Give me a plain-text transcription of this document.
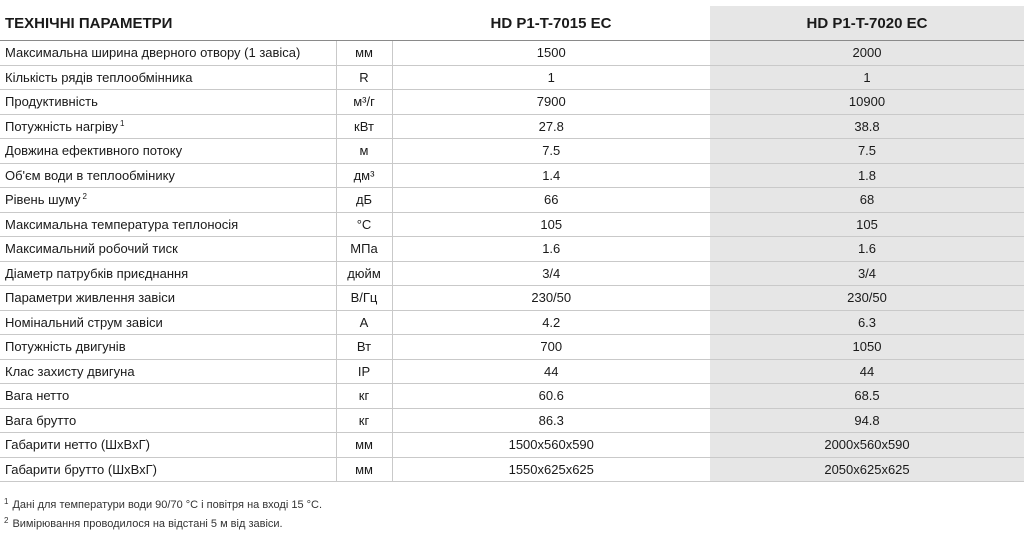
ТЕХНІЧНІ ПАРАМЕТРИ		HD P1-T-7015 EC	HD P1-T-7020 EC
Максимальна ширина дверного отвору (1 завіса)	мм	1500	2000
Кількість рядів теплообмінника	R	1	1
Продуктивність	м³/г	7900	10900
Потужність нагріву $^1$	кВт	27.8	38.8
Довжина ефективного потоку	м	7.5	7.5
Об'єм води в теплообмінику	дм³	1.4	1.8
Рівень шуму $^2$	дБ	66	68
Максимальна температура теплоносія	°C	105	105
Максимальний робочий тиск	МПа	1.6	1.6
Діаметр патрубків приєднання	дюйм	3/4	3/4
Параметри живлення завіси	В/Гц	230/50	230/50
Номінальний струм завіси	А	4.2	6.3
Потужність двигунів	Вт	700	1050
Клас захисту двигуна	IP	44	44
Вага нетто	кг	60.6	68.5
Вага брутто	кг	86.3	94.8
Габарити нетто (ШхВхГ)	мм	1500x560x590	2000x560x590
Габарити брутто (ШхВхГ)	мм	1550x625x625	2050x625x625
$^1$ Дані для температури води 90/70 °C і повітря на вході 15 °C.
$^2$ Вимірювання проводилося на відстані 5 м від завіси.
